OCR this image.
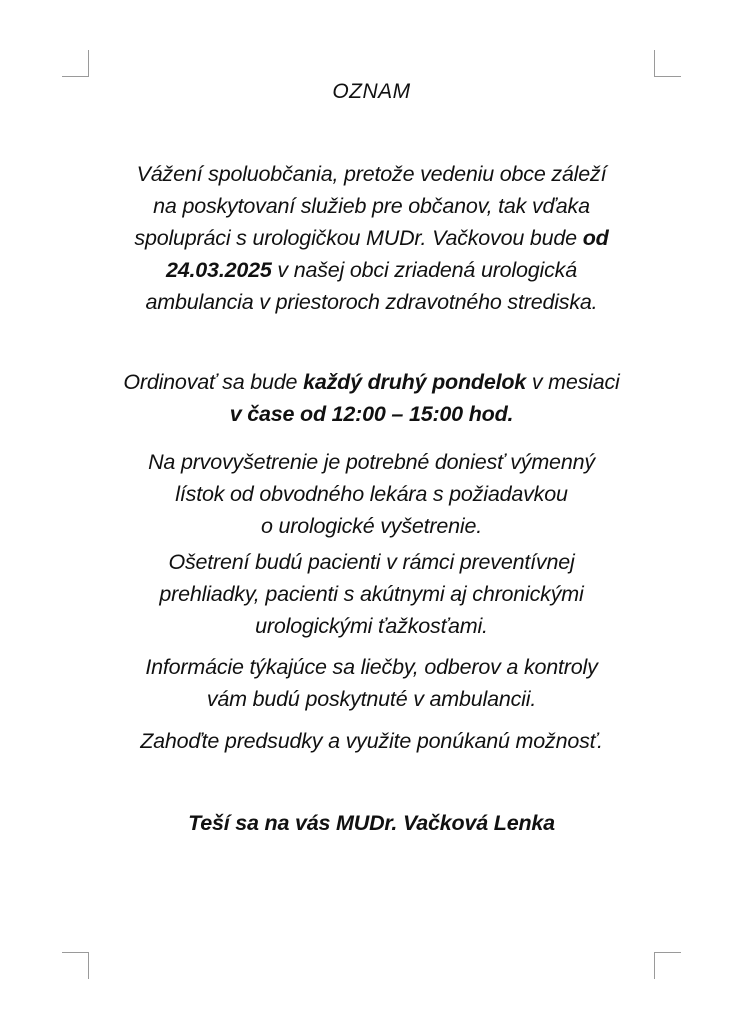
OZNAM
Vážení spoluobčania, pretože vedeniu obce záleží
na poskytovaní služieb pre občanov, tak vďaka
spolupráci s urologičkou MUDr. Vačkovou bude od
24.03.2025 v našej obci zriadená urologická
ambulancia v priestoroch zdravotného strediska.
Ordinovať sa bude každý druhý pondelok v mesiaci
v čase od 12:00 – 15:00 hod.
Na prvovyšetrenie je potrebné doniesť výmenný
lístok od obvodného lekára s požiadavkou
o urologické vyšetrenie.
Ošetrení budú pacienti v rámci preventívnej
prehliadky, pacienti s akútnymi aj chronickými
urologickými ťažkosťami.
Informácie týkajúce sa liečby, odberov a kontroly
vám budú poskytnuté v ambulancii.
Zahoďte predsudky a využite ponúkanú možnosť.
Teší sa na vás MUDr. Vačková Lenka
